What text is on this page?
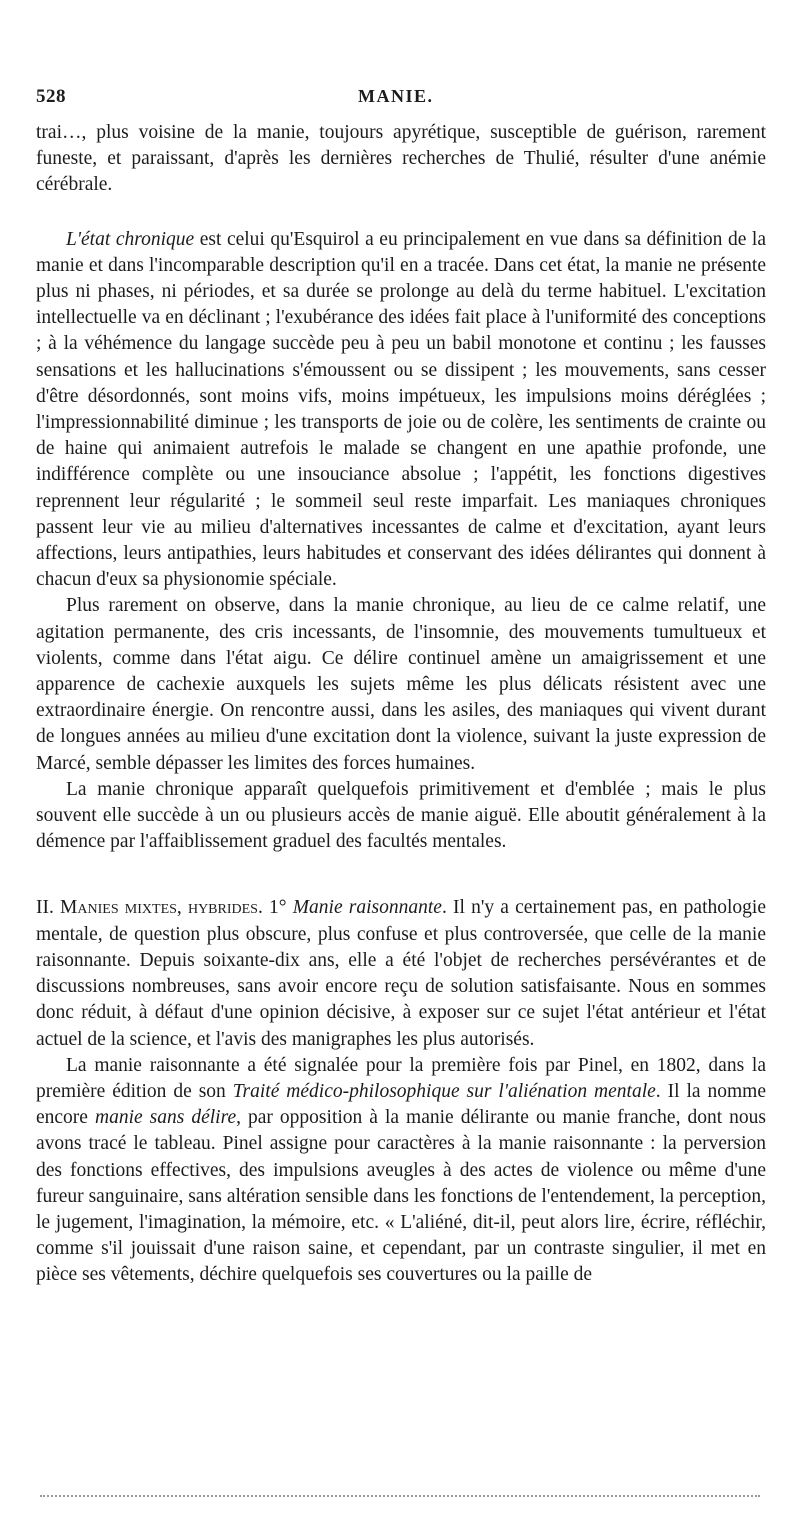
528	MANIE.

trai…, plus voisine de la manie, toujours apyrétique, susceptible de guérison, rarement funeste, et paraissant, d'après les dernières recherches de Thulié, résulter d'une anémie cérébrale.

L'état chronique est celui qu'Esquirol a eu principalement en vue dans sa définition de la manie et dans l'incomparable description qu'il en a tracée. Dans cet état, la manie ne présente plus ni phases, ni périodes, et sa durée se prolonge au delà du terme habituel. L'excitation intellectuelle va en déclinant ; l'exubérance des idées fait place à l'uniformité des conceptions ; à la véhémence du langage succède peu à peu un babil monotone et continu ; les fausses sensations et les hallucinations s'émoussent ou se dissipent ; les mouvements, sans cesser d'être désordonnés, sont moins vifs, moins impétueux, les impulsions moins déréglées ; l'impressionnabilité diminue ; les transports de joie ou de colère, les sentiments de crainte ou de haine qui animaient autrefois le malade se changent en une apathie profonde, une indifférence complète ou une insouciance absolue ; l'appétit, les fonctions digestives reprennent leur régularité ; le sommeil seul reste imparfait. Les maniaques chroniques passent leur vie au milieu d'alternatives incessantes de calme et d'excitation, ayant leurs affections, leurs antipathies, leurs habitudes et conservant des idées délirantes qui donnent à chacun d'eux sa physionomie spéciale.

Plus rarement on observe, dans la manie chronique, au lieu de ce calme relatif, une agitation permanente, des cris incessants, de l'insomnie, des mouvements tumultueux et violents, comme dans l'état aigu. Ce délire continuel amène un amaigrissement et une apparence de cachexie auxquels les sujets même les plus délicats résistent avec une extraordinaire énergie. On rencontre aussi, dans les asiles, des maniaques qui vivent durant de longues années au milieu d'une excitation dont la violence, suivant la juste expression de Marcé, semble dépasser les limites des forces humaines.

La manie chronique apparaît quelquefois primitivement et d'emblée ; mais le plus souvent elle succède à un ou plusieurs accès de manie aiguë. Elle aboutit généralement à la démence par l'affaiblissement graduel des facultés mentales.

II. Manies mixtes, hybrides. 1° Manie raisonnante. Il n'y a certainement pas, en pathologie mentale, de question plus obscure, plus confuse et plus controversée, que celle de la manie raisonnante. Depuis soixante-dix ans, elle a été l'objet de recherches persévérantes et de discussions nombreuses, sans avoir encore reçu de solution satisfaisante. Nous en sommes donc réduit, à défaut d'une opinion décisive, à exposer sur ce sujet l'état antérieur et l'état actuel de la science, et l'avis des manigraphes les plus autorisés.

La manie raisonnante a été signalée pour la première fois par Pinel, en 1802, dans la première édition de son Traité médico-philosophique sur l'aliénation mentale. Il la nomme encore manie sans délire, par opposition à la manie délirante ou manie franche, dont nous avons tracé le tableau. Pinel assigne pour caractères à la manie raisonnante : la perversion des fonctions effectives, des impulsions aveugles à des actes de violence ou même d'une fureur sanguinaire, sans altération sensible dans les fonctions de l'entendement, la perception, le jugement, l'imagination, la mémoire, etc. « L'aliéné, dit-il, peut alors lire, écrire, réfléchir, comme s'il jouissait d'une raison saine, et cependant, par un contraste singulier, il met en pièce ses vêtements, déchire quelquefois ses couvertures ou la paille de
